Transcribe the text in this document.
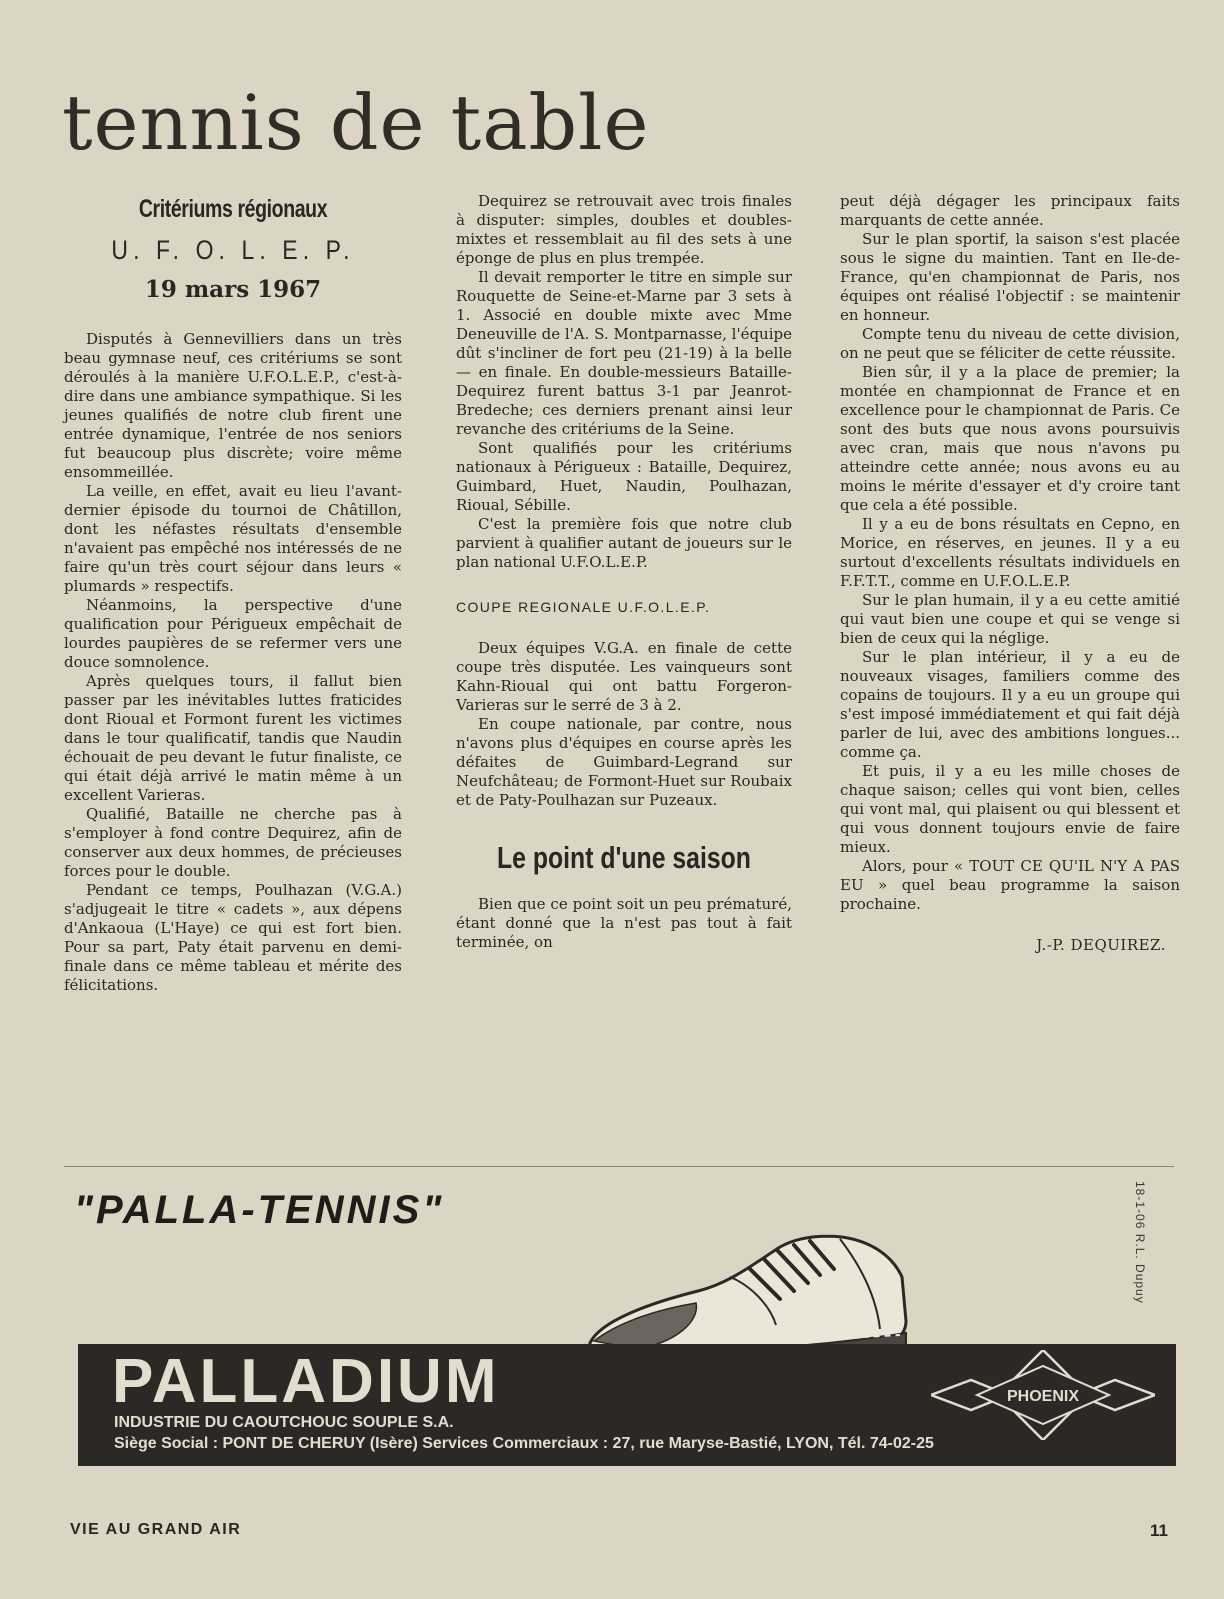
tennis de table
Critériums régionaux
U. F. O. L. E. P.
19 mars 1967

Disputés à Gennevilliers dans un très beau gymnase neuf, ces critériums se sont déroulés à la manière U.F.O.L.E.P., c'est-à-dire dans une ambiance sympathique. Si les jeunes qualifiés de notre club firent une entrée dynamique, l'entrée de nos seniors fut beaucoup plus discrète; voire même ensommeillée.

La veille, en effet, avait eu lieu l'avant-dernier épisode du tournoi de Châtillon, dont les néfastes résultats d'ensemble n'avaient pas empêché nos intéressés de ne faire qu'un très court séjour dans leurs « plumards » respectifs.

Néanmoins, la perspective d'une qualification pour Périgueux empêchait de lourdes paupières de se refermer vers une douce somnolence.

Après quelques tours, il fallut bien passer par les inévitables luttes fraticides dont Rioual et Formont furent les victimes dans le tour qualificatif, tandis que Naudin échouait de peu devant le futur finaliste, ce qui était déjà arrivé le matin même à un excellent Varieras.

Qualifié, Bataille ne cherche pas à s'employer à fond contre Dequirez, afin de conserver aux deux hommes, de précieuses forces pour le double.

Pendant ce temps, Poulhazan (V.G.A.) s'adjugeait le titre « cadets », aux dépens d'Ankaoua (L'Haye) ce qui est fort bien. Pour sa part, Paty était parvenu en demi-finale dans ce même tableau et mérite des félicitations.

Dequirez se retrouvait avec trois finales à disputer: simples, doubles et doubles-mixtes et ressemblait au fil des sets à une éponge de plus en plus trempée.

Il devait remporter le titre en simple sur Rouquette de Seine-et-Marne par 3 sets à 1. Associé en double mixte avec Mme Deneuville de l'A. S. Montparnasse, l'équipe dût s'incliner de fort peu (21-19) à la belle — en finale. En double-messieurs Bataille-Dequirez furent battus 3-1 par Jeanrot-Bredeche; ces derniers prenant ainsi leur revanche des critériums de la Seine.

Sont qualifiés pour les critériums nationaux à Périgueux : Bataille, Dequirez, Guimbard, Huet, Naudin, Poulhazan, Rioual, Sébille.

C'est la première fois que notre club parvient à qualifier autant de joueurs sur le plan national U.F.O.L.E.P.

COUPE REGIONALE U.F.O.L.E.P.

Deux équipes V.G.A. en finale de cette coupe très disputée. Les vainqueurs sont Kahn-Rioual qui ont battu Forgeron-Varieras sur le serré de 3 à 2.

En coupe nationale, par contre, nous n'avons plus d'équipes en course après les défaites de Guimbard-Legrand sur Neufchâteau; de Formont-Huet sur Roubaix et de Paty-Poulhazan sur Puzeaux.

Le point d'une saison

Bien que ce point soit un peu prématuré, étant donné que la n'est pas tout à fait terminée, on

peut déjà dégager les principaux faits marquants de cette année.

Sur le plan sportif, la saison s'est placée sous le signe du maintien. Tant en Ile-de-France, qu'en championnat de Paris, nos équipes ont réalisé l'objectif : se maintenir en honneur.

Compte tenu du niveau de cette division, on ne peut que se féliciter de cette réussite.

Bien sûr, il y a la place de premier; la montée en championnat de France et en excellence pour le championnat de Paris. Ce sont des buts que nous avons poursuivis avec cran, mais que nous n'avons pu atteindre cette année; nous avons eu au moins le mérite d'essayer et d'y croire tant que cela a été possible.

Il y a eu de bons résultats en Cepno, en Morice, en réserves, en jeunes. Il y a eu surtout d'excellents résultats individuels en F.F.T.T., comme en U.F.O.L.E.P.

Sur le plan humain, il y a eu cette amitié qui vaut bien une coupe et qui se venge si bien de ceux qui la néglige.

Sur le plan intérieur, il y a eu de nouveaux visages, familiers comme des copains de toujours. Il y a eu un groupe qui s'est imposé immédiatement et qui fait déjà parler de lui, avec des ambitions longues... comme ça.

Et puis, il y a eu les mille choses de chaque saison; celles qui vont bien, celles qui vont mal, qui plaisent ou qui blessent et qui vous donnent toujours envie de faire mieux.

Alors, pour « TOUT CE QU'IL N'Y A PAS EU » quel beau programme la saison prochaine.

J.-P. DEQUIREZ.
"PALLA-TENNIS"	18-1-06 R.L. Dupuy
PALLADIUM
INDUSTRIE DU CAOUTCHOUC SOUPLE S.A.
Siège Social : PONT DE CHERUY (Isère) Services Commerciaux : 27, rue Maryse-Bastié, LYON, Tél. 74-02-25
PHOENIX
VIE AU GRAND AIR	11
